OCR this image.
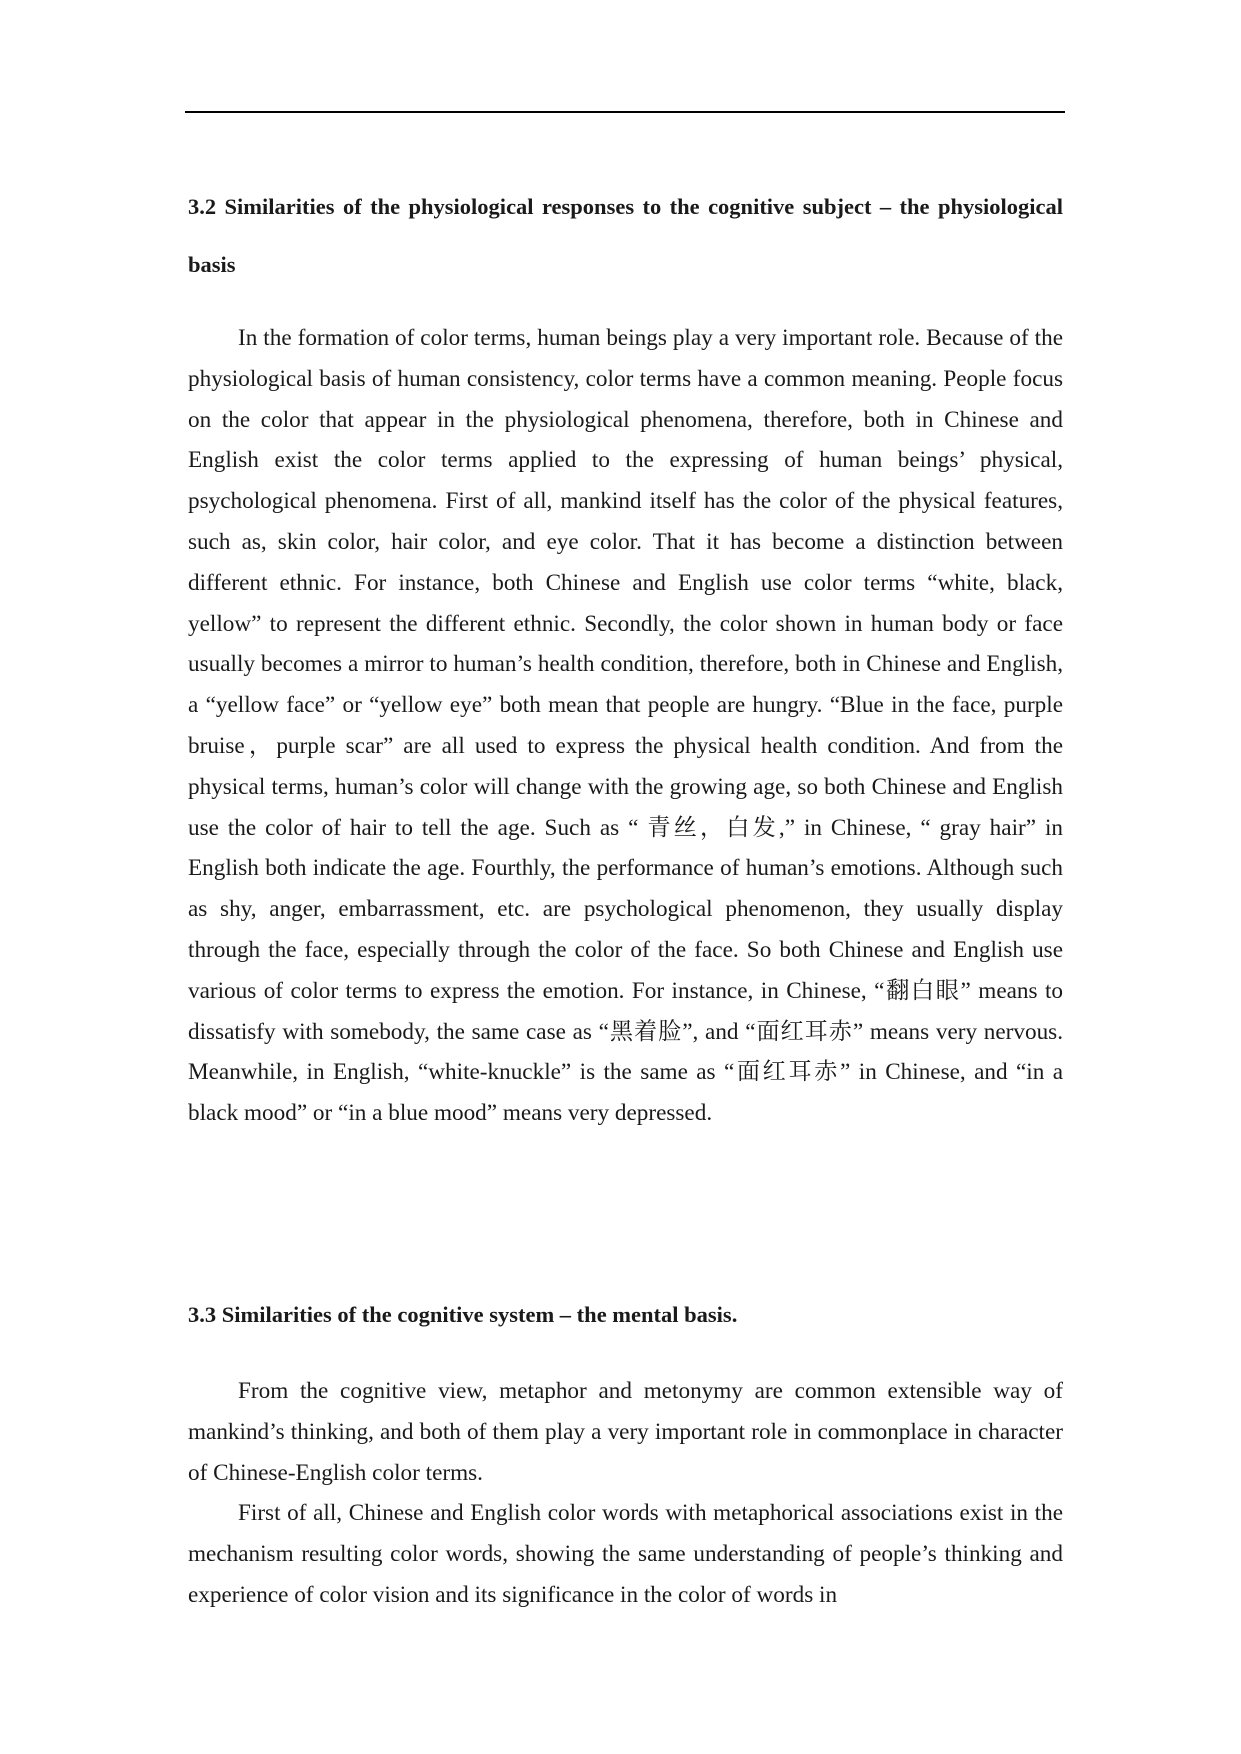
3.2 Similarities of the physiological responses to the cognitive subject – the physiological basis

In the formation of color terms, human beings play a very important role. Because of the physiological basis of human consistency, color terms have a common meaning. People focus on the color that appear in the physiological phenomena, therefore, both in Chinese and English exist the color terms applied to the expressing of human beings’ physical, psychological phenomena. First of all, mankind itself has the color of the physical features, such as, skin color, hair color, and eye color. That it has become a distinction between different ethnic. For instance, both Chinese and English use color terms “white, black, yellow” to represent the different ethnic. Secondly, the color shown in human body or face usually becomes a mirror to human’s health condition, therefore, both in Chinese and English, a “yellow face” or “yellow eye” both mean that people are hungry. “Blue in the face, purple bruise，purple scar” are all used to express the physical health condition. And from the physical terms, human’s color will change with the growing age, so both Chinese and English use the color of hair to tell the age. Such as “ 青丝，白发,” in Chinese, “ gray hair” in English both indicate the age. Fourthly, the performance of human’s emotions. Although such as shy, anger, embarrassment, etc. are psychological phenomenon, they usually display through the face, especially through the color of the face. So both Chinese and English use various of color terms to express the emotion. For instance, in Chinese, “翻白眼” means to dissatisfy with somebody, the same case as “黑着脸”, and “面红耳赤” means very nervous. Meanwhile, in English, “white-knuckle” is the same as “面红耳赤” in Chinese, and “in a black mood” or “in a blue mood” means very depressed.

3.3 Similarities of the cognitive system – the mental basis.

From the cognitive view, metaphor and metonymy are common extensible way of mankind’s thinking, and both of them play a very important role in commonplace in character of Chinese-English color terms.

First of all, Chinese and English color words with metaphorical associations exist in the mechanism resulting color words, showing the same understanding of people’s thinking and experience of color vision and its significance in the color of words in
